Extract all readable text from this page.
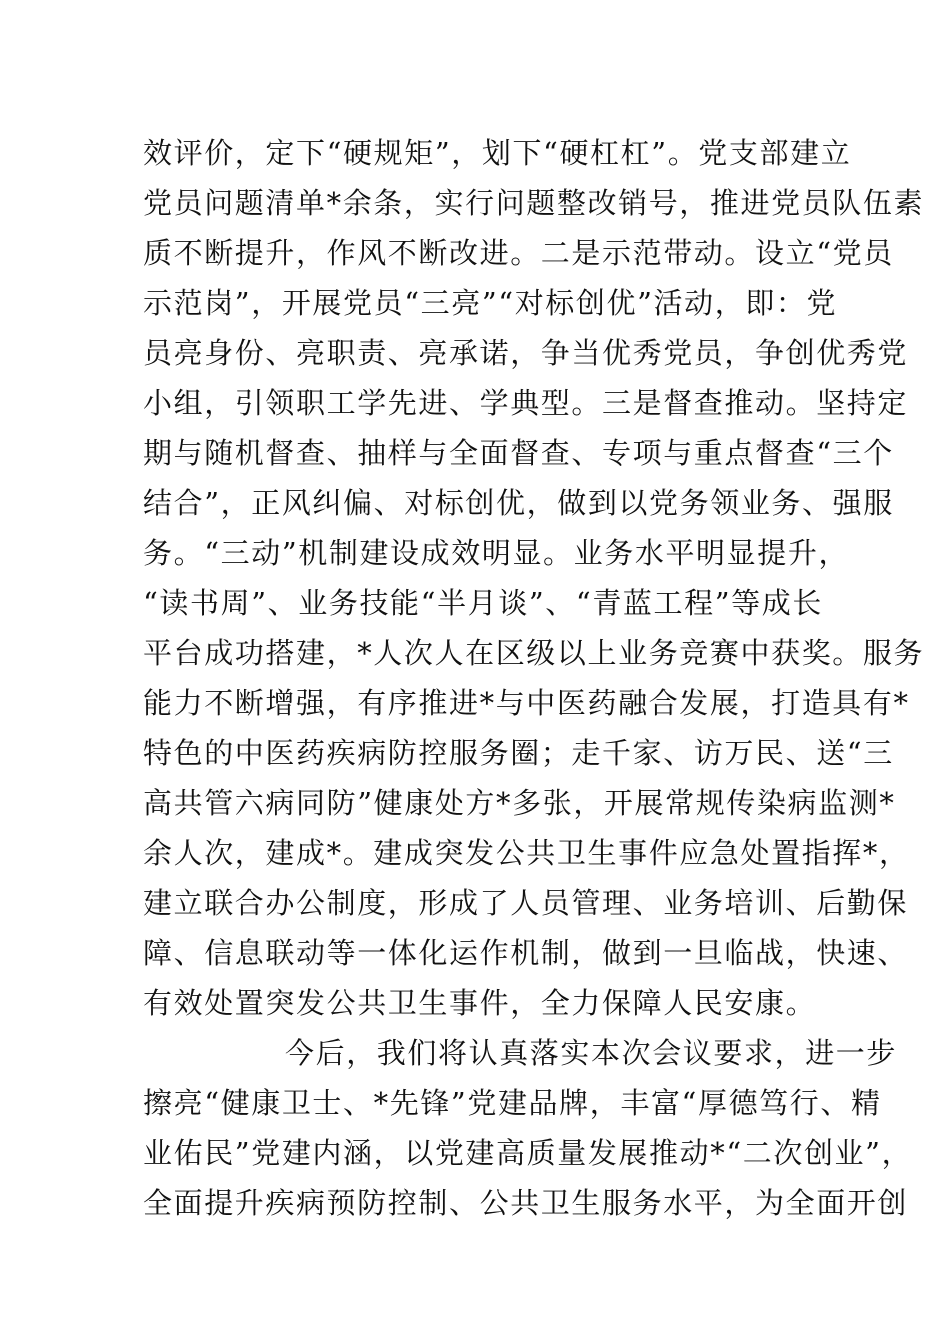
效评价，定下“硬规矩”，划下“硬杠杠”。党支部建立
党员问题清单*余条，实行问题整改销号，推进党员队伍素
质不断提升，作风不断改进。二是示范带动。设立“党员
示范岗”，开展党员“三亮”“对标创优”活动，即：党
员亮身份、亮职责、亮承诺，争当优秀党员，争创优秀党
小组，引领职工学先进、学典型。三是督查推动。坚持定
期与随机督查、抽样与全面督查、专项与重点督查“三个
结合”，正风纠偏、对标创优，做到以党务领业务、强服
务。“三动”机制建设成效明显。业务水平明显提升，
“读书周”、业务技能“半月谈”、“青蓝工程”等成长
平台成功搭建，*人次人在区级以上业务竞赛中获奖。服务
能力不断增强，有序推进*与中医药融合发展，打造具有*
特色的中医药疾病防控服务圈；走千家、访万民、送“三
高共管六病同防”健康处方*多张，开展常规传染病监测*
余人次，建成*。建成突发公共卫生事件应急处置指挥*，
建立联合办公制度，形成了人员管理、业务培训、后勤保
障、信息联动等一体化运作机制，做到一旦临战，快速、
有效处置突发公共卫生事件，全力保障人民安康。
今后，我们将认真落实本次会议要求，进一步
擦亮“健康卫士、*先锋”党建品牌，丰富“厚德笃行、精
业佑民”党建内涵，以党建高质量发展推动*“二次创业”，
全面提升疾病预防控制、公共卫生服务水平，为全面开创
